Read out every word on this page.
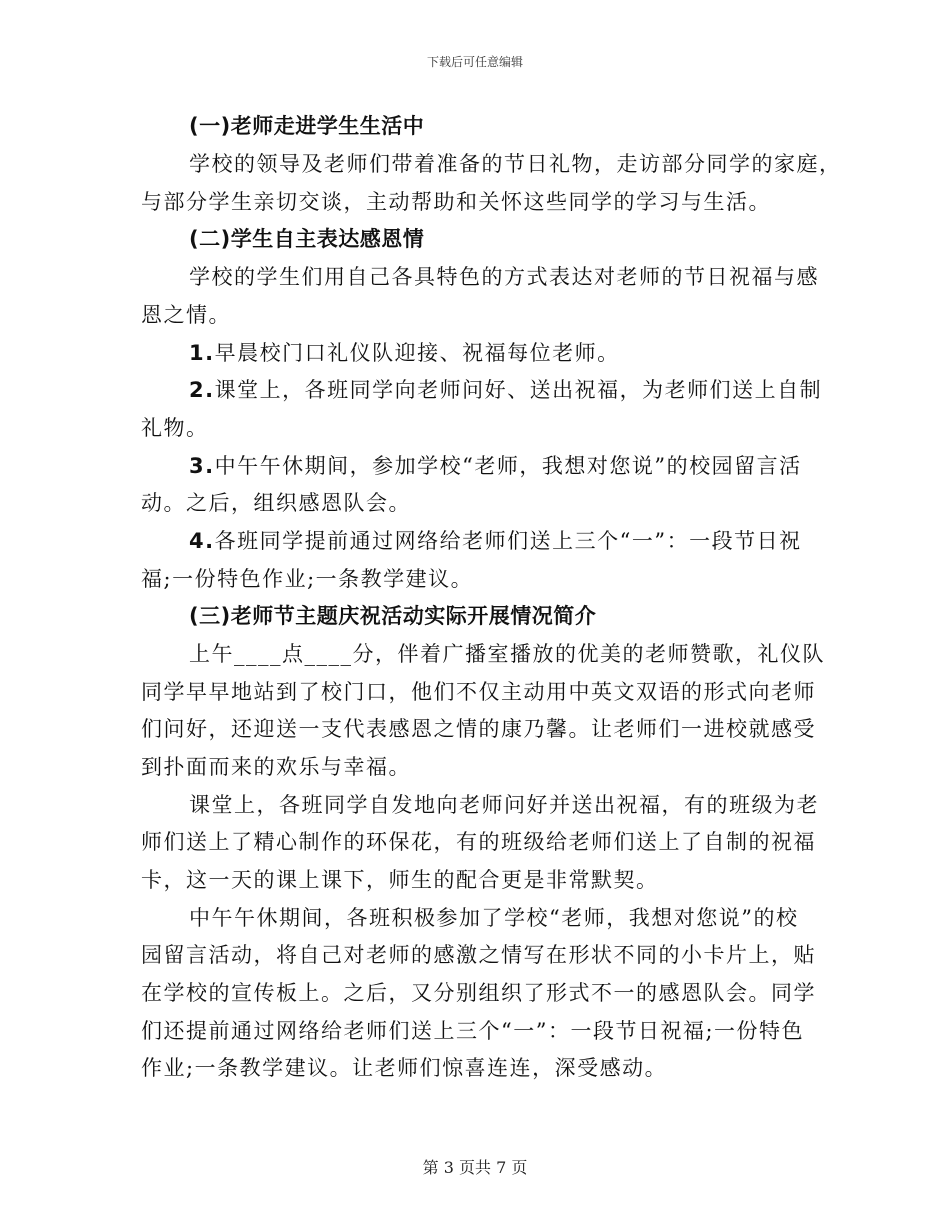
下载后可任意编辑
(一)老师走进学生生活中
学校的领导及老师们带着准备的节日礼物，走访部分同学的家庭，
与部分学生亲切交谈，主动帮助和关怀这些同学的学习与生活。
(二)学生自主表达感恩情
学校的学生们用自己各具特色的方式表达对老师的节日祝福与感
恩之情。
1.早晨校门口礼仪队迎接、祝福每位老师。
2.课堂上，各班同学向老师问好、送出祝福，为老师们送上自制
礼物。
3.中午午休期间，参加学校“老师，我想对您说”的校园留言活
动。之后，组织感恩队会。
4.各班同学提前通过网络给老师们送上三个“一”：一段节日祝
福;一份特色作业;一条教学建议。
(三)老师节主题庆祝活动实际开展情况简介
上午____点____分，伴着广播室播放的优美的老师赞歌，礼仪队
同学早早地站到了校门口，他们不仅主动用中英文双语的形式向老师
们问好，还迎送一支代表感恩之情的康乃馨。让老师们一进校就感受
到扑面而来的欢乐与幸福。
课堂上，各班同学自发地向老师问好并送出祝福，有的班级为老
师们送上了精心制作的环保花，有的班级给老师们送上了自制的祝福
卡，这一天的课上课下，师生的配合更是非常默契。
中午午休期间，各班积极参加了学校“老师，我想对您说”的校
园留言活动，将自己对老师的感激之情写在形状不同的小卡片上，贴
在学校的宣传板上。之后，又分别组织了形式不一的感恩队会。同学
们还提前通过网络给老师们送上三个“一”：一段节日祝福;一份特色
作业;一条教学建议。让老师们惊喜连连，深受感动。
第 3 页共 7 页
